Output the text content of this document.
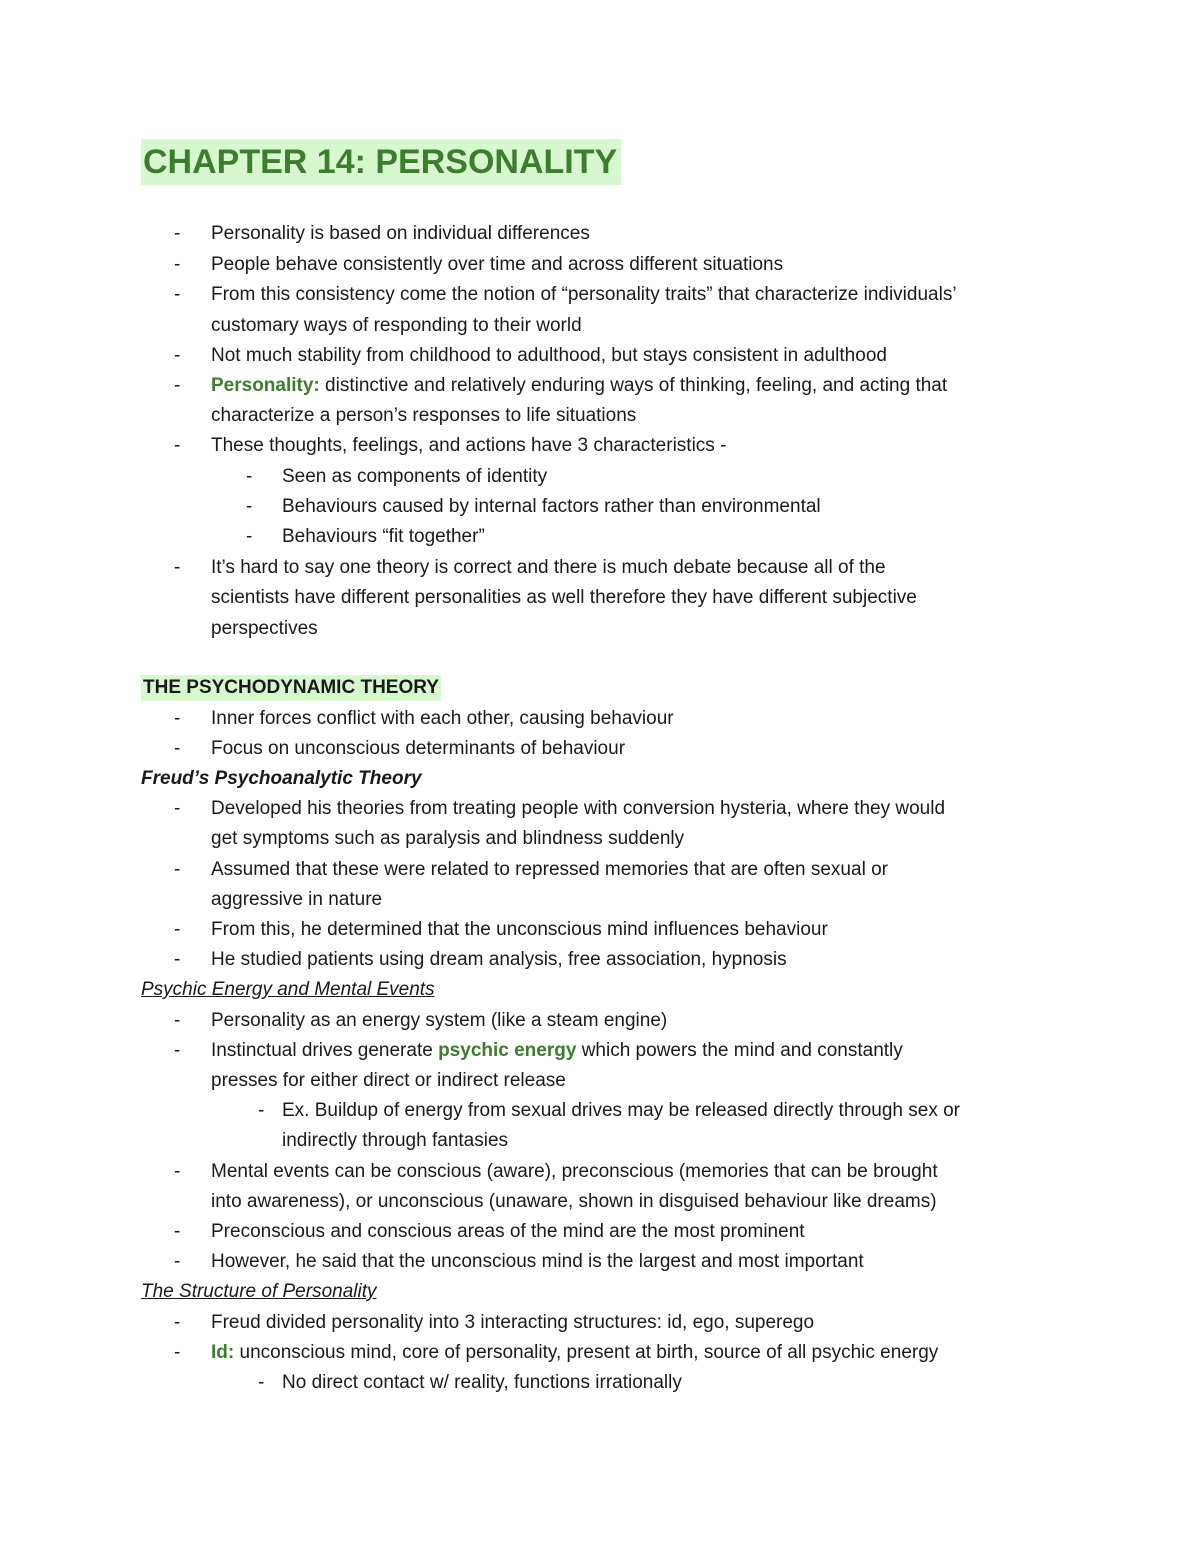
CHAPTER 14: PERSONALITY
- Personality is based on individual differences
- People behave consistently over time and across different situations
- From this consistency come the notion of “personality traits” that characterize individuals’
customary ways of responding to their world
- Not much stability from childhood to adulthood, but stays consistent in adulthood
- Personality: distinctive and relatively enduring ways of thinking, feeling, and acting that
characterize a person’s responses to life situations
- These thoughts, feelings, and actions have 3 characteristics -
- Seen as components of identity
- Behaviours caused by internal factors rather than environmental
- Behaviours “fit together”
- It’s hard to say one theory is correct and there is much debate because all of the
scientists have different personalities as well therefore they have different subjective
perspectives
THE PSYCHODYNAMIC THEORY
- Inner forces conflict with each other, causing behaviour
- Focus on unconscious determinants of behaviour
Freud’s Psychoanalytic Theory
- Developed his theories from treating people with conversion hysteria, where they would
get symptoms such as paralysis and blindness suddenly
- Assumed that these were related to repressed memories that are often sexual or
aggressive in nature
- From this, he determined that the unconscious mind influences behaviour
- He studied patients using dream analysis, free association, hypnosis
Psychic Energy and Mental Events
- Personality as an energy system (like a steam engine)
- Instinctual drives generate psychic energy which powers the mind and constantly
presses for either direct or indirect release
- Ex. Buildup of energy from sexual drives may be released directly through sex or
indirectly through fantasies
- Mental events can be conscious (aware), preconscious (memories that can be brought
into awareness), or unconscious (unaware, shown in disguised behaviour like dreams)
- Preconscious and conscious areas of the mind are the most prominent
- However, he said that the unconscious mind is the largest and most important
The Structure of Personality
- Freud divided personality into 3 interacting structures: id, ego, superego
- Id: unconscious mind, core of personality, present at birth, source of all psychic energy
- No direct contact w/ reality, functions irrationally
